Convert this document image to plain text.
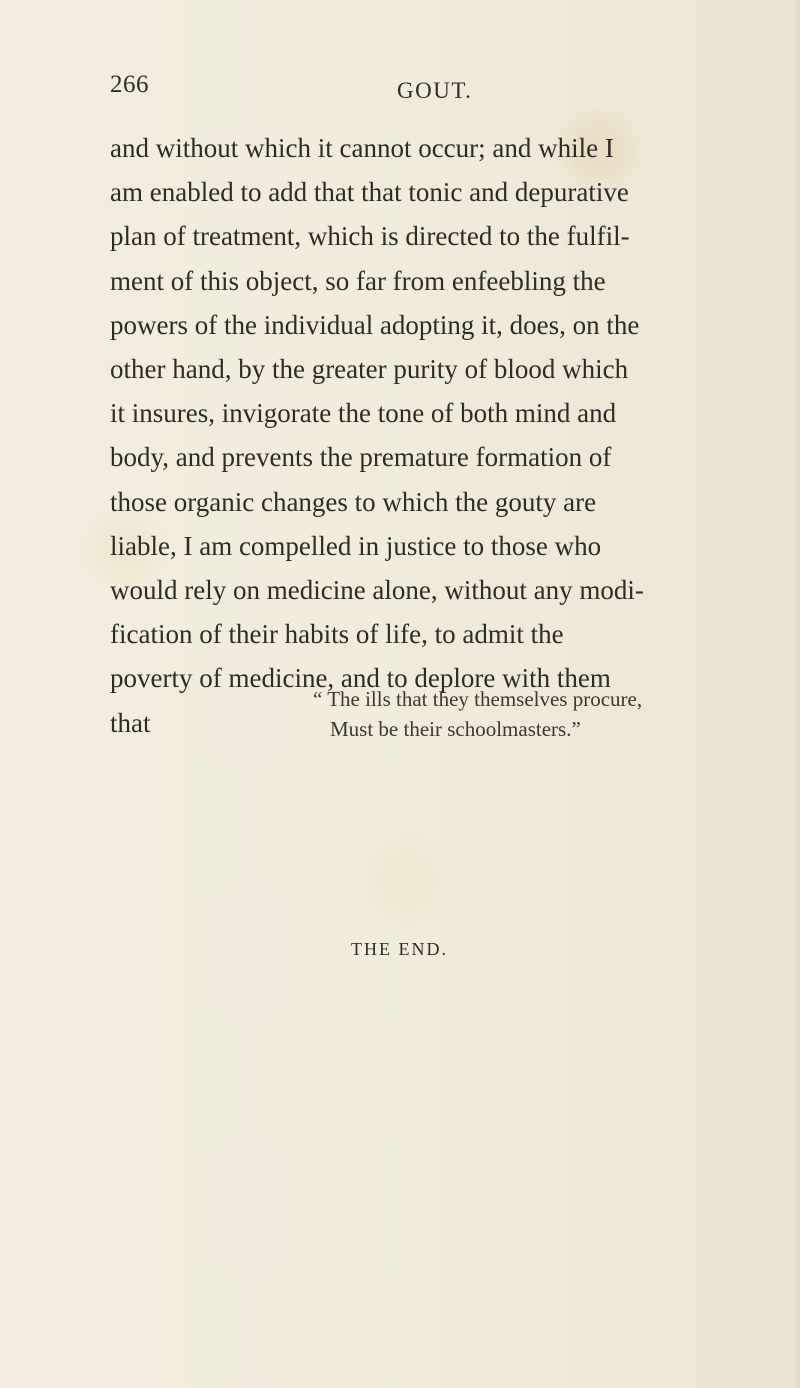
266	GOUT.
and without which it cannot occur; and while I
am enabled to add that that tonic and depurative
plan of treatment, which is directed to the fulfil-
ment of this object, so far from enfeebling the
powers of the individual adopting it, does, on the
other hand, by the greater purity of blood which
it insures, invigorate the tone of both mind and
body, and prevents the premature formation of
those organic changes to which the gouty are
liable, I am compelled in justice to those who
would rely on medicine alone, without any modi-
fication of their habits of life, to admit the
poverty of medicine, and to deplore with them
that
“ The ills that they themselves procure,
Must be their schoolmasters.”
THE END.
